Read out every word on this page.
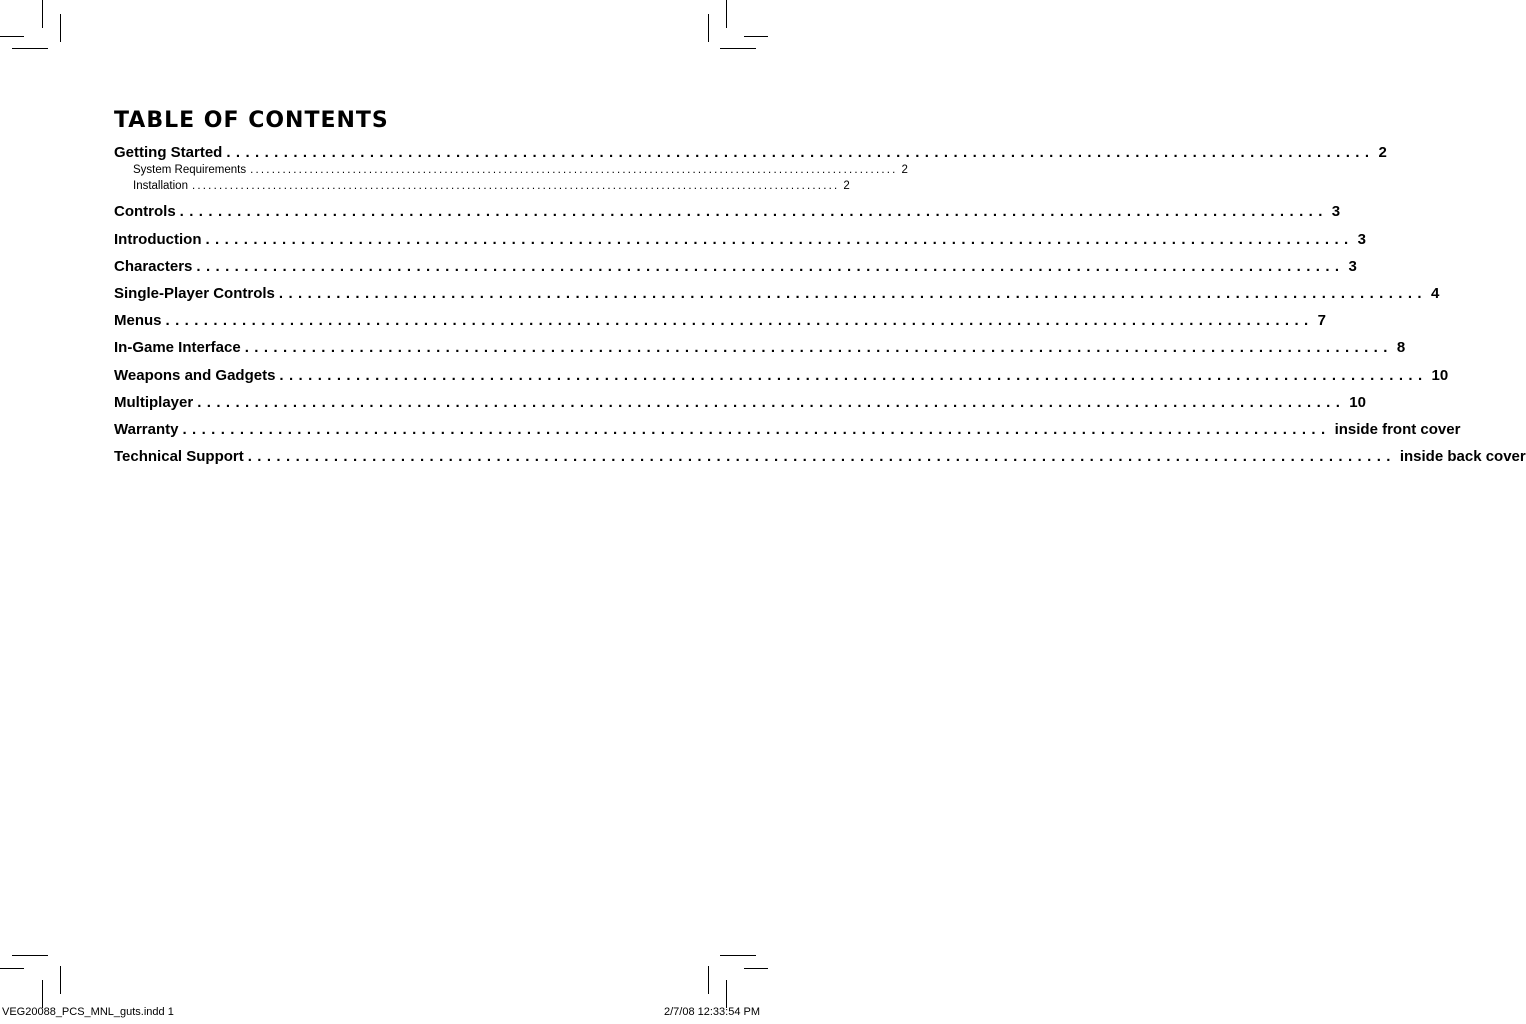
TABLE OF CONTENTS
Getting Started ........................................................................................................................ 2
System Requirements ........................................................................................................................ 2
Installation ........................................................................................................................ 2
Controls ........................................................................................................................ 3
Introduction ........................................................................................................................ 3
Characters ........................................................................................................................ 3
Single-Player Controls ........................................................................................................................ 4
Menus ........................................................................................................................ 7
In-Game Interface ........................................................................................................................ 8
Weapons and Gadgets ........................................................................................................................ 10
Multiplayer ........................................................................................................................ 10
Warranty ........................................................................................................................ inside front cover
Technical Support ........................................................................................................................ inside back cover
VEG20088_PCS_MNL_guts.indd 1	2/7/08 12:33:54 PM
